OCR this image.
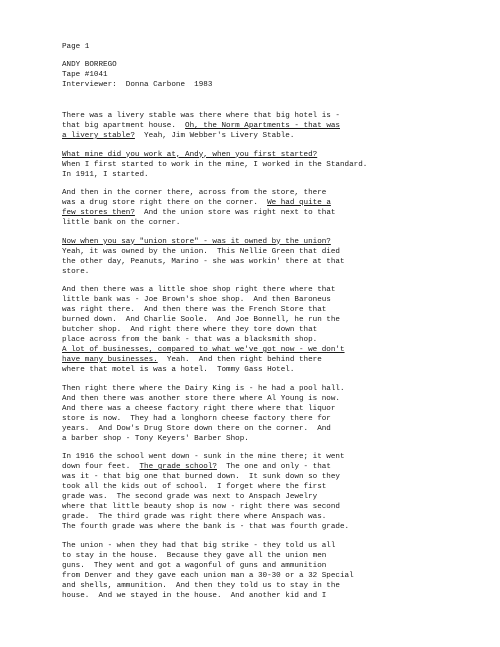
Page 1
ANDY BORREGO
Tape #1041
Interviewer:  Donna Carbone  1983
There was a livery stable was there where that big hotel is -
that big apartment house.  Oh, the Norm Apartments - that was
a livery stable?  Yeah, Jim Webber's Livery Stable.
What mine did you work at, Andy, when you first started?
When I first started to work in the mine, I worked in the Standard.
In 1911, I started.
And then in the corner there, across from the store, there
was a drug store right there on the corner.  We had quite a
few stores then?  And the union store was right next to that
little bank on the corner.
Now when you say "union store" - was it owned by the union?
Yeah, it was owned by the union.  This Nellie Green that died
the other day, Peanuts, Marino - she was workin' there at that
store.
And then there was a little shoe shop right there where that
little bank was - Joe Brown's shoe shop.  And then Baroneus
was right there.  And then there was the French Store that
burned down.  And Charlie Soole.  And Joe Bonnell, he run the
butcher shop.  And right there where they tore down that
place across from the bank - that was a blacksmith shop.
A lot of businesses, compared to what we've got now - we don't
have many businesses.  Yeah.  And then right behind there
where that motel is was a hotel.  Tommy Gass Hotel.
Then right there where the Dairy King is - he had a pool hall.
And then there was another store there where Al Young is now.
And there was a cheese factory right there where that liquor
store is now.  They had a longhorn cheese factory there for
years.  And Dow's Drug Store down there on the corner.  And
a barber shop - Tony Keyers' Barber Shop.
In 1916 the school went down - sunk in the mine there; it went
down four feet.  The grade school?  The one and only - that
was it - that big one that burned down.  It sunk down so they
took all the kids out of school.  I forget where the first
grade was.  The second grade was next to Anspach Jewelry
where that little beauty shop is now - right there was second
grade.  The third grade was right there where Anspach was.
The fourth grade was where the bank is - that was fourth grade.
The union - when they had that big strike - they told us all
to stay in the house.  Because they gave all the union men
guns.  They went and got a wagonful of guns and ammunition
from Denver and they gave each union man a 30-30 or a 32 Special
and shells, ammunition.  And then they told us to stay in the
house.  And we stayed in the house.  And another kid and I
